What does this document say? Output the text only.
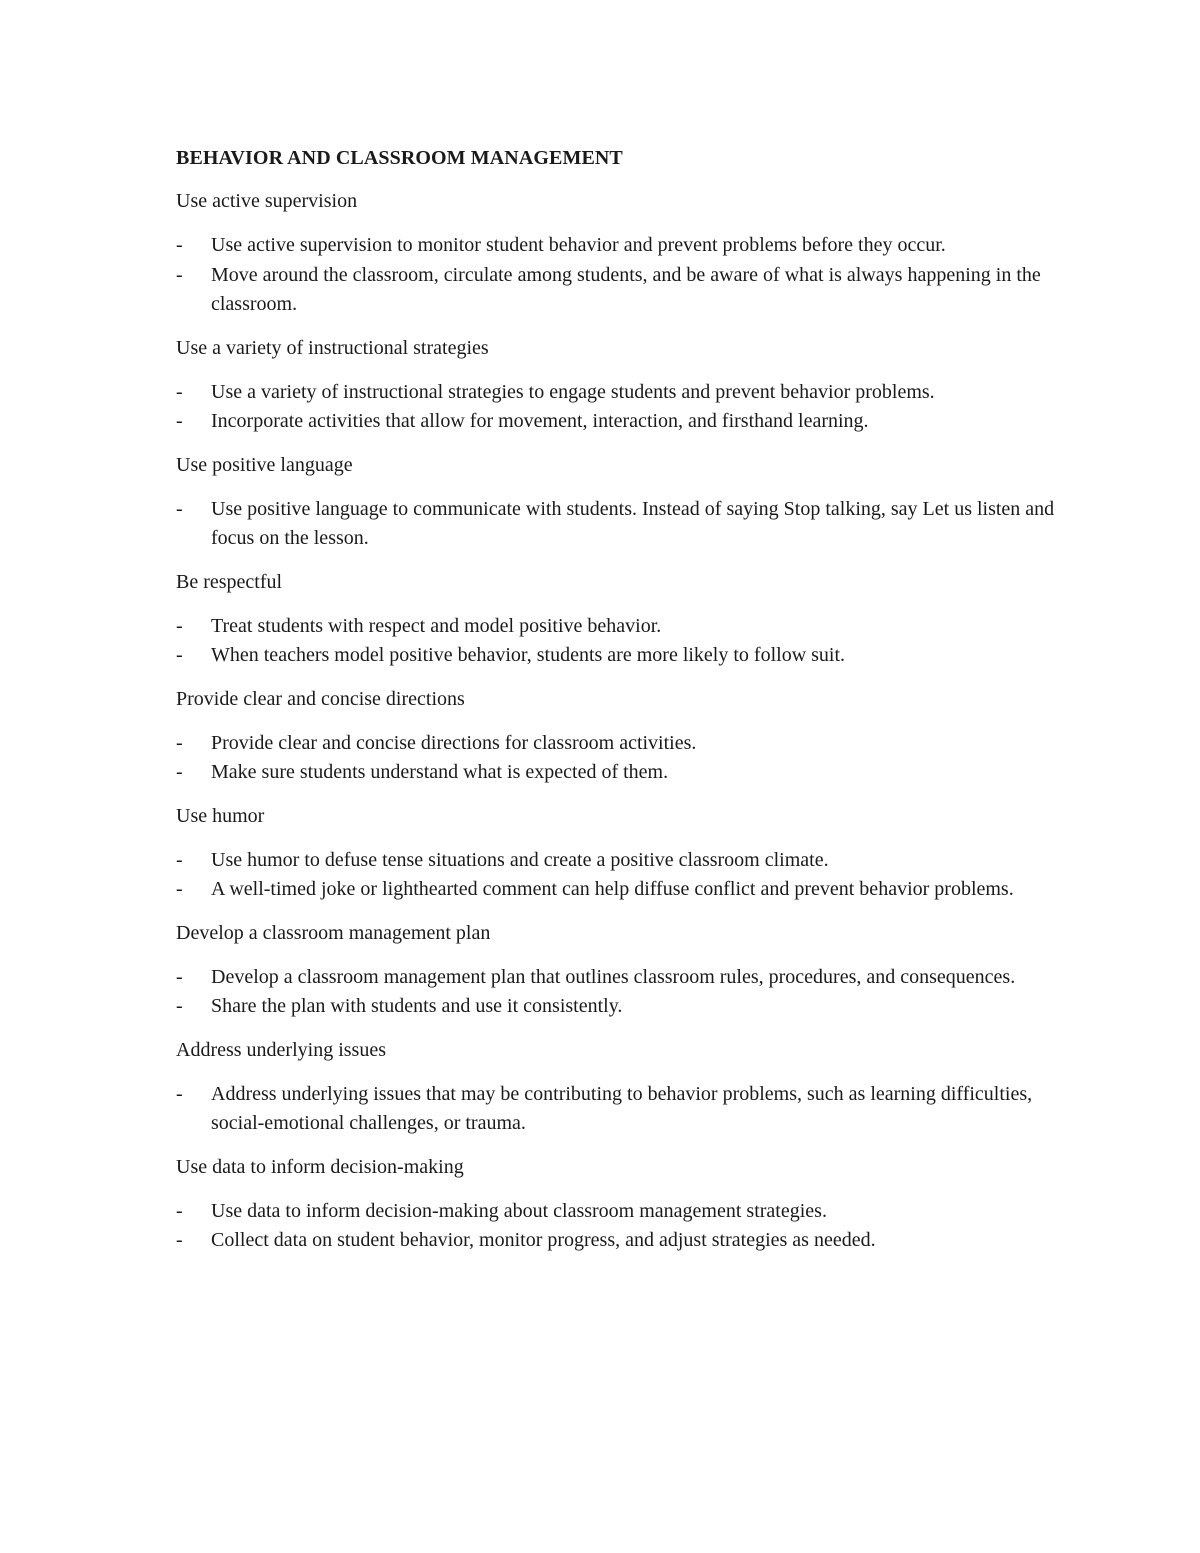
BEHAVIOR AND CLASSROOM MANAGEMENT
Use active supervision
-	Use active supervision to monitor student behavior and prevent problems before they occur.
-	Move around the classroom, circulate among students, and be aware of what is always happening in the classroom.
Use a variety of instructional strategies
-	Use a variety of instructional strategies to engage students and prevent behavior problems.
-	Incorporate activities that allow for movement, interaction, and firsthand learning.
Use positive language
-	Use positive language to communicate with students. Instead of saying Stop talking, say Let us listen and focus on the lesson.
Be respectful
-	Treat students with respect and model positive behavior.
-	When teachers model positive behavior, students are more likely to follow suit.
Provide clear and concise directions
-	Provide clear and concise directions for classroom activities.
-	Make sure students understand what is expected of them.
Use humor
-	Use humor to defuse tense situations and create a positive classroom climate.
-	A well-timed joke or lighthearted comment can help diffuse conflict and prevent behavior problems.
Develop a classroom management plan
-	Develop a classroom management plan that outlines classroom rules, procedures, and consequences.
-	Share the plan with students and use it consistently.
Address underlying issues
-	Address underlying issues that may be contributing to behavior problems, such as learning difficulties, social-emotional challenges, or trauma.
Use data to inform decision-making
-	Use data to inform decision-making about classroom management strategies.
-	Collect data on student behavior, monitor progress, and adjust strategies as needed.
